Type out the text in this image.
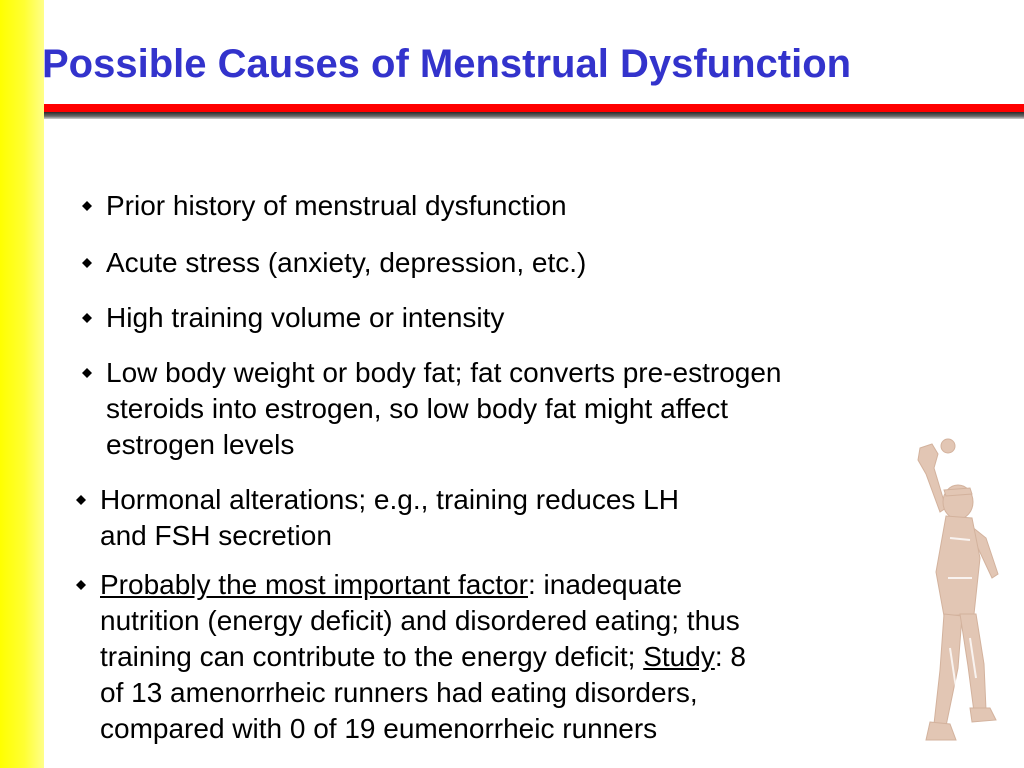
Possible Causes of Menstrual Dysfunction
Prior history of menstrual dysfunction
Acute stress (anxiety, depression, etc.)
High training volume or intensity
Low body weight or body fat; fat converts pre-estrogen
steroids into estrogen, so low body fat might affect
estrogen levels
Hormonal alterations; e.g., training reduces LH
and FSH secretion
Probably the most important factor: inadequate
nutrition (energy deficit) and disordered eating; thus
training can contribute to the energy deficit; Study: 8
of 13 amenorrheic runners had eating disorders,
compared with 0 of 19 eumenorrheic runners
